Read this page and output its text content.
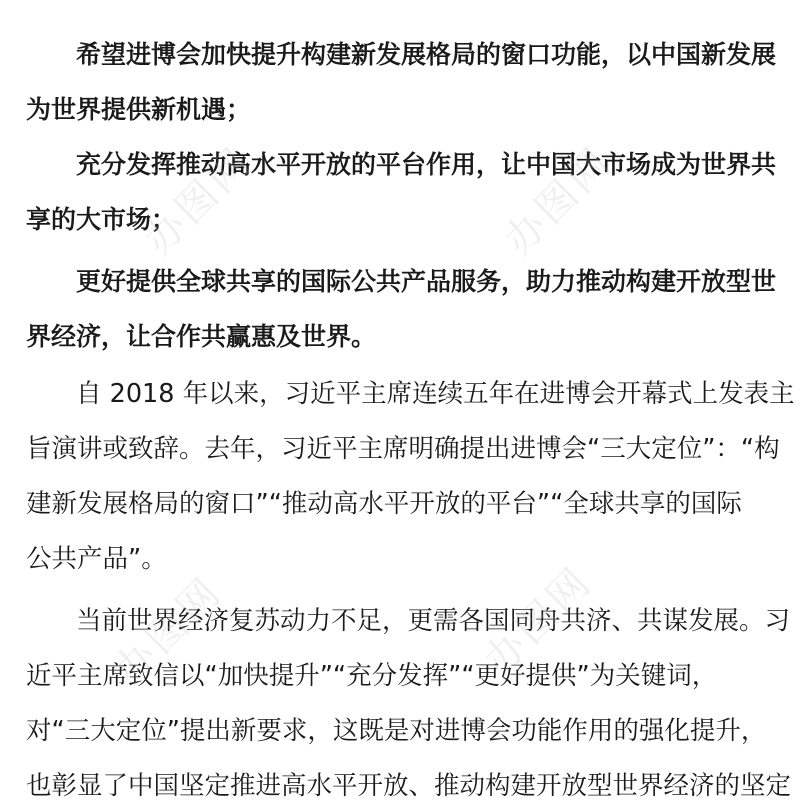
希望进博会加快提升构建新发展格局的窗口功能，以中国新发展
为世界提供新机遇；
充分发挥推动高水平开放的平台作用，让中国大市场成为世界共
享的大市场；
更好提供全球共享的国际公共产品服务，助力推动构建开放型世
界经济，让合作共赢惠及世界。
自 2018 年以来，习近平主席连续五年在进博会开幕式上发表主
旨演讲或致辞。去年，习近平主席明确提出进博会“三大定位”：“构
建新发展格局的窗口”“推动高水平开放的平台”“全球共享的国际
公共产品”。
当前世界经济复苏动力不足，更需各国同舟共济、共谋发展。习
近平主席致信以“加快提升”“充分发挥”“更好提供”为关键词，
对“三大定位”提出新要求，这既是对进博会功能作用的强化提升，
也彰显了中国坚定推进高水平开放、推动构建开放型世界经济的坚定
办图网	办图网
办图网	办图网
